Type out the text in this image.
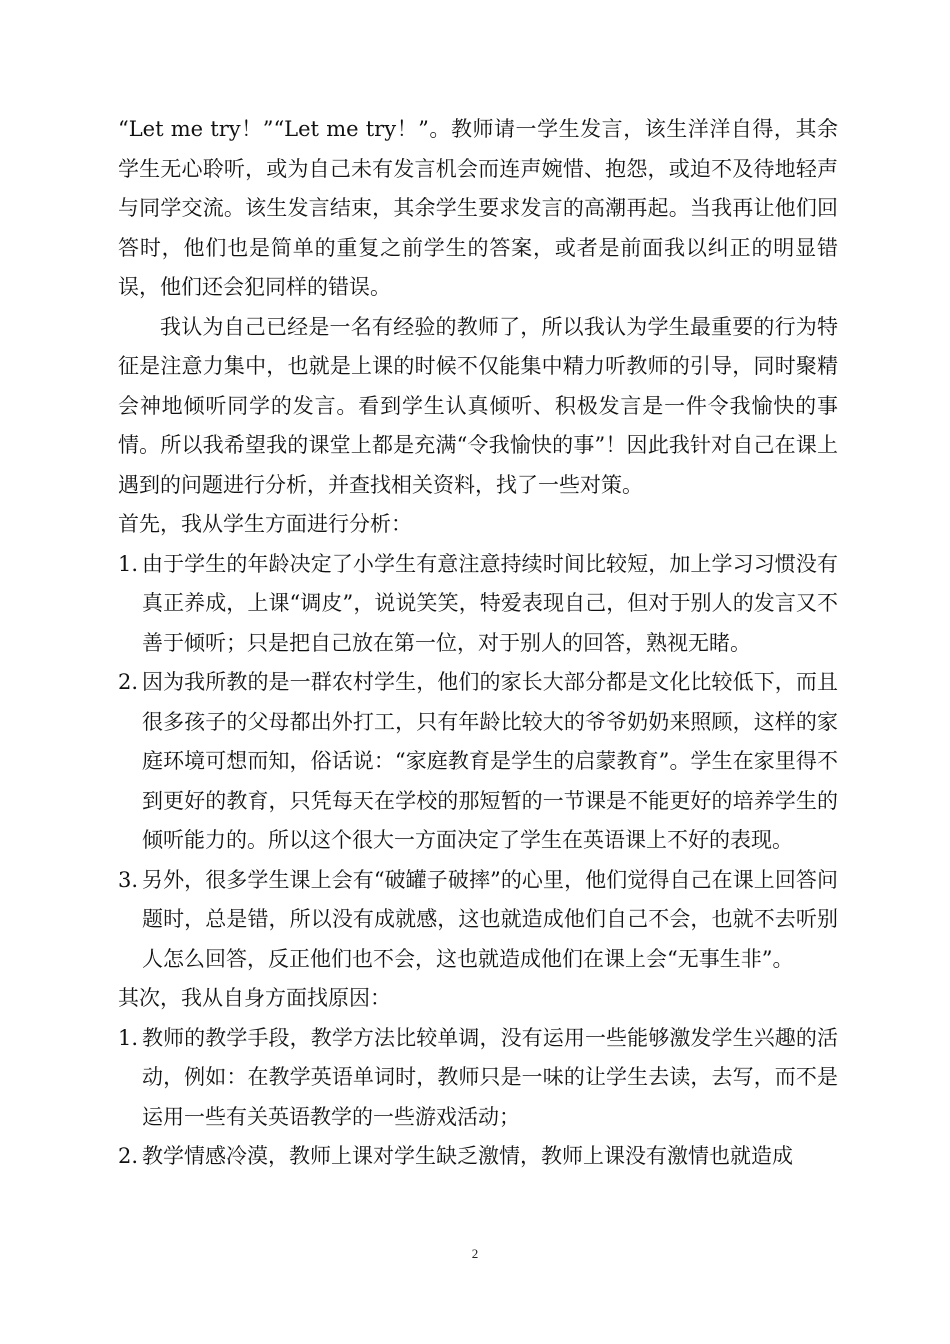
“Let me try！”“Let me try！”。教师请一学生发言，该生洋洋自得，其余学生无心聆听，或为自己未有发言机会而连声婉惜、抱怨，或迫不及待地轻声与同学交流。该生发言结束，其余学生要求发言的高潮再起。当我再让他们回答时，他们也是简单的重复之前学生的答案，或者是前面我以纠正的明显错误，他们还会犯同样的错误。

我认为自己已经是一名有经验的教师了，所以我认为学生最重要的行为特征是注意力集中，也就是上课的时候不仅能集中精力听教师的引导，同时聚精会神地倾听同学的发言。看到学生认真倾听、积极发言是一件令我愉快的事情。所以我希望我的课堂上都是充满“令我愉快的事”！因此我针对自己在课上遇到的问题进行分析，并查找相关资料，找了一些对策。

首先，我从学生方面进行分析：

1. 由于学生的年龄决定了小学生有意注意持续时间比较短，加上学习习惯没有真正养成，上课“调皮”，说说笑笑，特爱表现自己，但对于别人的发言又不善于倾听；只是把自己放在第一位，对于别人的回答，熟视无睹。
2. 因为我所教的是一群农村学生，他们的家长大部分都是文化比较低下，而且很多孩子的父母都出外打工，只有年龄比较大的爷爷奶奶来照顾，这样的家庭环境可想而知，俗话说：“家庭教育是学生的启蒙教育”。学生在家里得不到更好的教育，只凭每天在学校的那短暂的一节课是不能更好的培养学生的倾听能力的。所以这个很大一方面决定了学生在英语课上不好的表现。
3. 另外，很多学生课上会有“破罐子破摔”的心里，他们觉得自己在课上回答问题时，总是错，所以没有成就感，这也就造成他们自己不会，也就不去听别人怎么回答，反正他们也不会，这也就造成他们在课上会“无事生非”。

其次，我从自身方面找原因：

1. 教师的教学手段，教学方法比较单调，没有运用一些能够激发学生兴趣的活动，例如：在教学英语单词时，教师只是一味的让学生去读，去写，而不是运用一些有关英语教学的一些游戏活动；
2. 教学情感冷漠，教师上课对学生缺乏激情，教师上课没有激情也就造成
2
